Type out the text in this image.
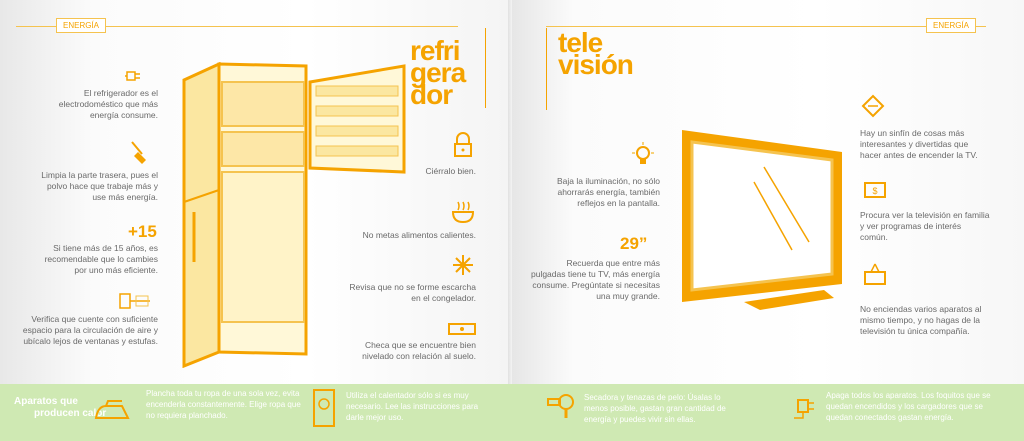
ENERGÍA
refri
gera
dor
El refrigerador es el electrodoméstico que más energía consume.
Limpia la parte trasera, pues el polvo hace que trabaje más y use más energía.
+15
Si tiene más de 15 años, es recomendable que lo cambies por uno más eficiente.
Verifica que cuente con suficiente espacio para la circulación de aire y ubícalo lejos de ventanas y estufas.
Ciérralo bien.
No metas alimentos calientes.
Revisa que no se forme escarcha en el congelador.
Checa que se encuentre bien nivelado con relación al suelo.
ENERGÍA
tele
visión
Baja la iluminación, no sólo ahorrarás energía, también reflejos en la pantalla.
29”
Recuerda que entre más pulgadas tiene tu TV, más energía consume. Pregúntate si necesitas una muy grande.
Hay un sinfín de cosas más interesantes y divertidas que hacer antes de encender la TV.
$
Procura ver la televisión en familia y ver programas de interés común.
No enciendas varios aparatos al mismo tiempo, y no hagas de la televisión tu única compañía.
Aparatos que
producen calor
Plancha toda tu ropa de una sola vez, evita encenderla constantemente. Elige ropa que no requiera planchado.
Utiliza el calentador sólo si es muy necesario. Lee las instrucciones para darle mejor uso.
Secadora y tenazas de pelo: Úsalas lo menos posible, gastan gran cantidad de energía y puedes vivir sin ellas.
Apaga todos los aparatos. Los foquitos que se quedan encendidos y los cargadores que se quedan conectados gastan energía.
